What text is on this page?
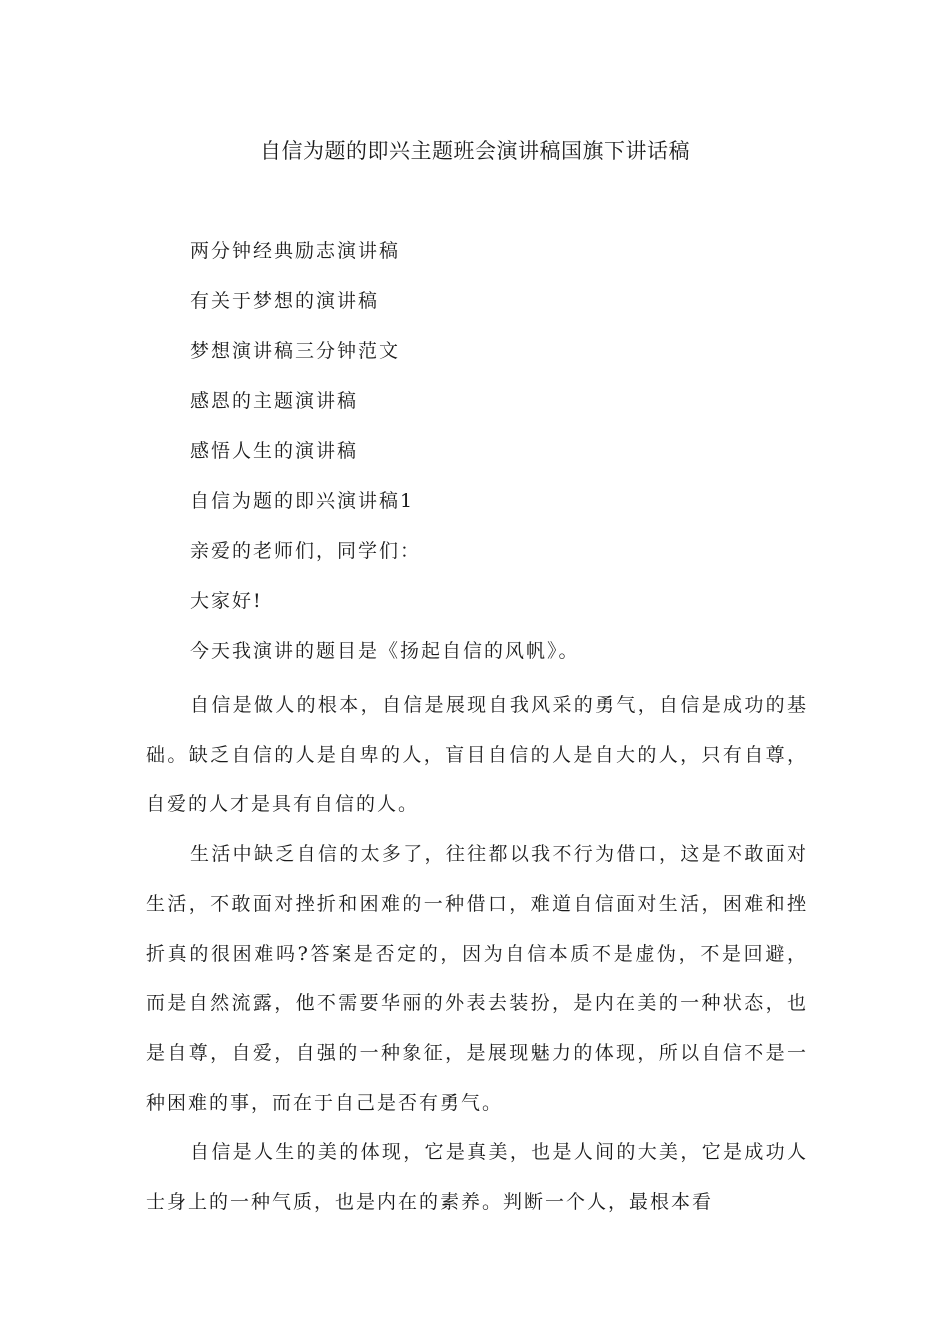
自信为题的即兴主题班会演讲稿国旗下讲话稿

两分钟经典励志演讲稿

有关于梦想的演讲稿

梦想演讲稿三分钟范文

感恩的主题演讲稿

感悟人生的演讲稿

自信为题的即兴演讲稿1

亲爱的老师们，同学们：

大家好!

今天我演讲的题目是《扬起自信的风帆》。

自信是做人的根本，自信是展现自我风采的勇气，自信是成功的基础。缺乏自信的人是自卑的人，盲目自信的人是自大的人，只有自尊，自爱的人才是具有自信的人。

生活中缺乏自信的太多了，往往都以我不行为借口，这是不敢面对生活，不敢面对挫折和困难的一种借口，难道自信面对生活，困难和挫折真的很困难吗?答案是否定的，因为自信本质不是虚伪，不是回避，而是自然流露，他不需要华丽的外表去装扮，是内在美的一种状态，也是自尊，自爱，自强的一种象征，是展现魅力的体现，所以自信不是一种困难的事，而在于自己是否有勇气。

自信是人生的美的体现，它是真美，也是人间的大美，它是成功人士身上的一种气质，也是内在的素养。判断一个人，最根本看
